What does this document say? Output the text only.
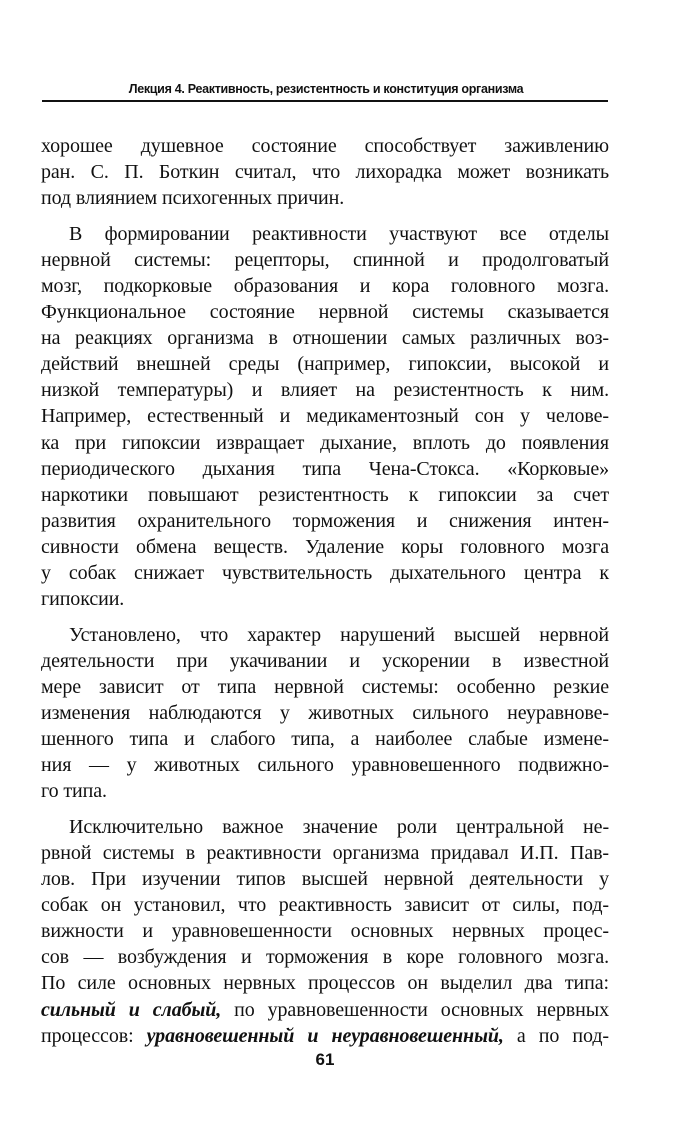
Лекция 4. Реактивность, резистентность и конституция организма
хорошее душевное состояние способствует заживлению
ран. С. П. Боткин считал, что лихорадка может возникать
под влиянием психогенных причин.
В формировании реактивности участвуют все отделы
нервной системы: рецепторы, спинной и продолговатый
мозг, подкорковые образования и кора головного мозга.
Функциональное состояние нервной системы сказывается
на реакциях организма в отношении самых различных воз-
действий внешней среды (например, гипоксии, высокой и
низкой температуры) и влияет на резистентность к ним.
Например, естественный и медикаментозный сон у челове-
ка при гипоксии извращает дыхание, вплоть до появления
периодического дыхания типа Чена-Стокса. «Корковые»
наркотики повышают резистентность к гипоксии за счет
развития охранительного торможения и снижения интен-
сивности обмена веществ. Удаление коры головного мозга
у собак снижает чувствительность дыхательного центра к
гипоксии.
Установлено, что характер нарушений высшей нервной
деятельности при укачивании и ускорении в известной
мере зависит от типа нервной системы: особенно резкие
изменения наблюдаются у животных сильного неуравнове-
шенного типа и слабого типа, а наиболее слабые измене-
ния — у животных сильного уравновешенного подвижно-
го типа.
Исключительно важное значение роли центральной не-
рвной системы в реактивности организма придавал И.П. Пав-
лов. При изучении типов высшей нервной деятельности у
собак он установил, что реактивность зависит от силы, под-
вижности и уравновешенности основных нервных процес-
сов — возбуждения и торможения в коре головного мозга.
По силе основных нервных процессов он выделил два типа:
сильный и слабый, по уравновешенности основных нервных
процессов: уравновешенный и неуравновешенный, а по под-
61
